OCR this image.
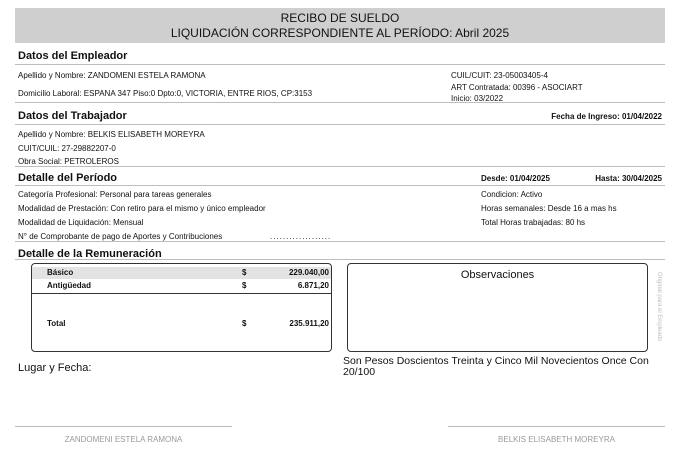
RECIBO DE SUELDO
LIQUIDACIÓN CORRESPONDIENTE AL PERÍODO: Abril 2025
Datos del Empleador
Apellido y Nombre: ZANDOMENI ESTELA RAMONA
Domicilio Laboral: ESPANA 347 Piso:0 Dpto:0, VICTORIA, ENTRE RIOS, CP:3153
CUIL/CUIT: 23-05003405-4
ART Contratada: 00396 - ASOCIART
Inicio: 03/2022
Datos del Trabajador	Fecha de Ingreso: 01/04/2022
Apellido y Nombre: BELKIS ELISABETH MOREYRA
CUIT/CUIL: 27-29882207-0
Obra Social: PETROLEROS
Detalle del Período	Desde: 01/04/2025	Hasta: 30/04/2025
Categoría Profesional: Personal para tareas generales
Modalidad de Prestación: Con retiro para el mismo y único empleador
Modalidad de Liquidación: Mensual
N° de Comprobante de pago de Aportes y Contribuciones	...................
Condicion: Activo
Horas semanales: Desde 16 a mas hs
Total Horas trabajadas: 80 hs
Detalle de la Remuneración
Básico	$	229.040,00
Antigüedad	$	6.871,20
Total	$	235.911,20
Observaciones	Original para el Empleado
Lugar y Fecha:
Son Pesos Doscientos Treinta y Cinco Mil Novecientos Once Con 20/100
ZANDOMENI ESTELA RAMONA	BELKIS ELISABETH MOREYRA
